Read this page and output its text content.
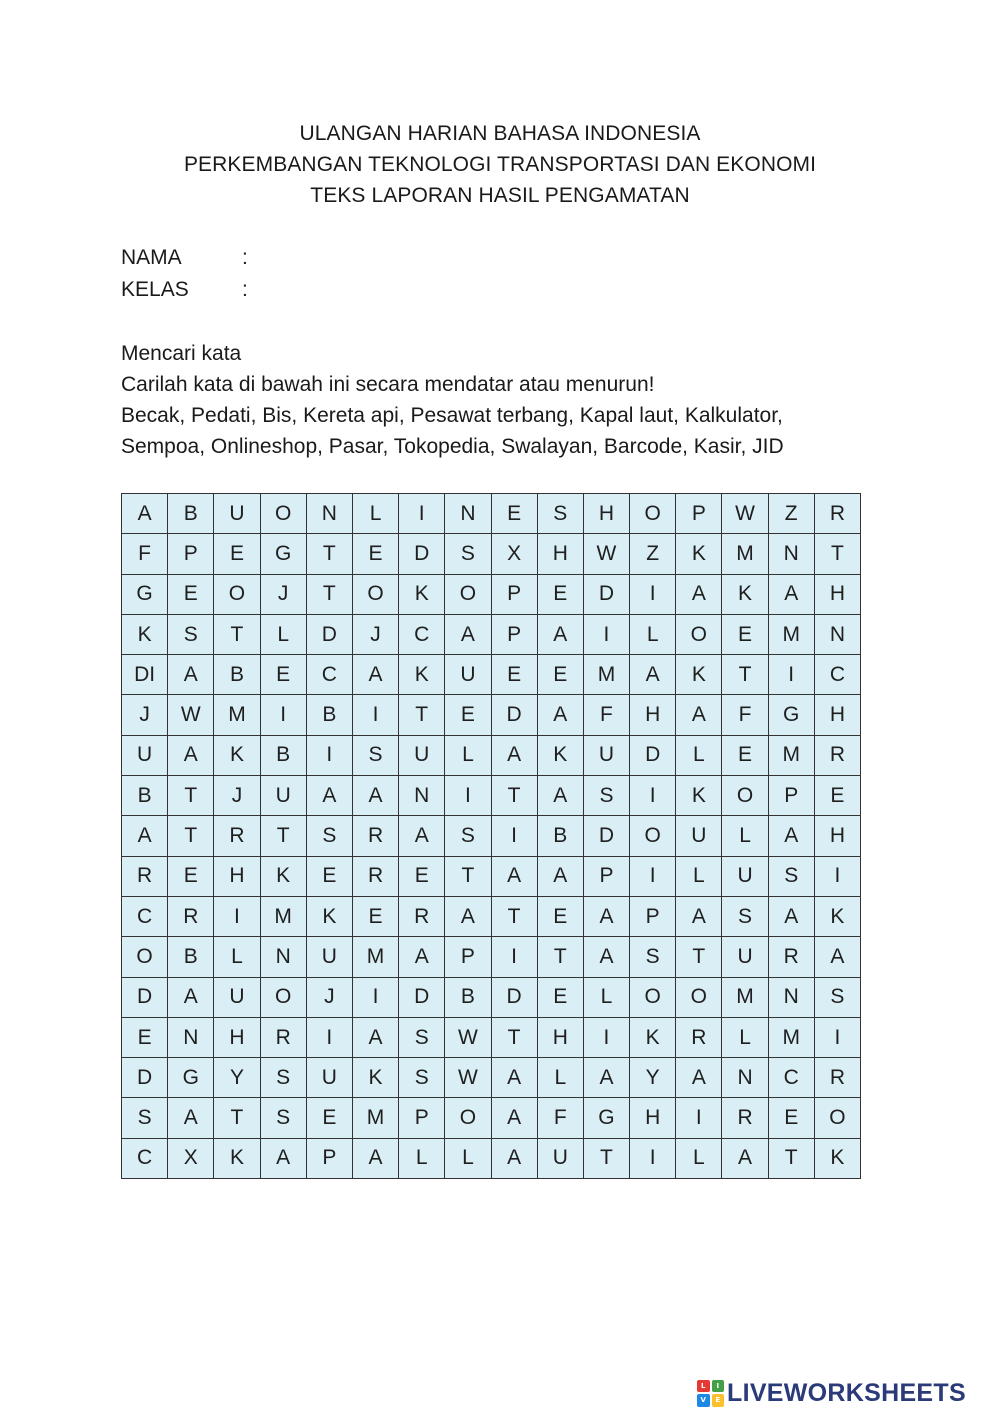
ULANGAN HARIAN BAHASA INDONESIA
PERKEMBANGAN TEKNOLOGI TRANSPORTASI DAN EKONOMI
TEKS LAPORAN HASIL PENGAMATAN
NAMA	:
KELAS	:
Mencari kata
Carilah kata di bawah ini secara mendatar atau menurun!
Becak, Pedati, Bis, Kereta api, Pesawat terbang, Kapal laut, Kalkulator,
Sempoa, Onlineshop, Pasar, Tokopedia, Swalayan, Barcode, Kasir, JID
A	B	U	O	N	L	I	N	E	S	H	O	P	W	Z	R
F	P	E	G	T	E	D	S	X	H	W	Z	K	M	N	T
G	E	O	J	T	O	K	O	P	E	D	I	A	K	A	H
K	S	T	L	D	J	C	A	P	A	I	L	O	E	M	N
DI	A	B	E	C	A	K	U	E	E	M	A	K	T	I	C
J	W	M	I	B	I	T	E	D	A	F	H	A	F	G	H
U	A	K	B	I	S	U	L	A	K	U	D	L	E	M	R
B	T	J	U	A	A	N	I	T	A	S	I	K	O	P	E
A	T	R	T	S	R	A	S	I	B	D	O	U	L	A	H
R	E	H	K	E	R	E	T	A	A	P	I	L	U	S	I
C	R	I	M	K	E	R	A	T	E	A	P	A	S	A	K
O	B	L	N	U	M	A	P	I	T	A	S	T	U	R	A
D	A	U	O	J	I	D	B	D	E	L	O	O	M	N	S
E	N	H	R	I	A	S	W	T	H	I	K	R	L	M	I
D	G	Y	S	U	K	S	W	A	L	A	Y	A	N	C	R
S	A	T	S	E	M	P	O	A	F	G	H	I	R	E	O
C	X	K	A	P	A	L	L	A	U	T	I	L	A	T	K
L	I
V	E LIVEWORKSHEETS
